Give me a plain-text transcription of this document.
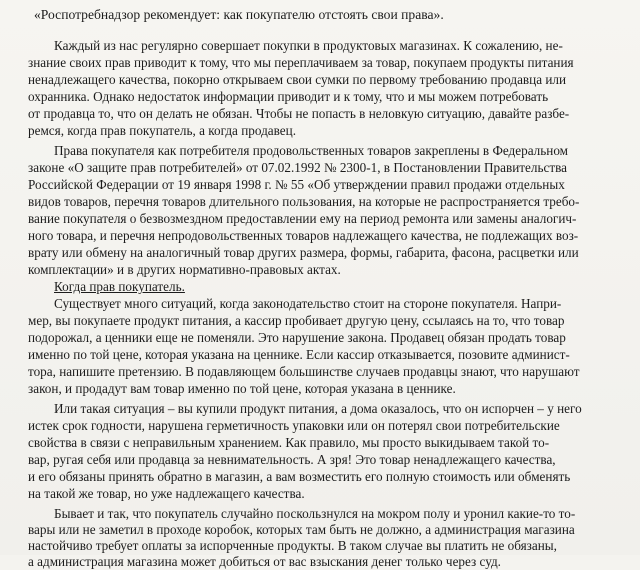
«Роспотребнадзор рекомендует: как покупателю отстоять свои права».
Каждый из нас регулярно совершает покупки в продуктовых магазинах. К сожалению, не-
знание своих прав приводит к тому, что мы переплачиваем за товар, покупаем продукты питания
ненадлежащего качества, покорно открываем свои сумки по первому требованию продавца или
охранника. Однако недостаток информации приводит и к тому, что и мы можем потребовать
от продавца то, что он делать не обязан. Чтобы не попасть в неловкую ситуацию, давайте разбе-
ремся, когда прав покупатель, а когда продавец.
Права покупателя как потребителя продовольственных товаров закреплены в Федеральном
законе «О защите прав потребителей» от 07.02.1992 № 2300-1, в Постановлении Правительства
Российской Федерации от 19 января 1998 г. № 55 «Об утверждении правил продажи отдельных
видов товаров, перечня товаров длительного пользования, на которые не распространяется требо-
вание покупателя о безвозмездном предоставлении ему на период ремонта или замены аналогич-
ного товара, и перечня непродовольственных товаров надлежащего качества, не подлежащих воз-
врату или обмену на аналогичный товар других размера, формы, габарита, фасона, расцветки или
комплектации» и в других нормативно-правовых актах.
Когда прав покупатель.
Существует много ситуаций, когда законодательство стоит на стороне покупателя. Напри-
мер, вы покупаете продукт питания, а кассир пробивает другую цену, ссылаясь на то, что товар
подорожал, а ценники еще не поменяли. Это нарушение закона. Продавец обязан продать товар
именно по той цене, которая указана на ценнике. Если кассир отказывается, позовите админист-
тора, напишите претензию. В подавляющем большинстве случаев продавцы знают, что нарушают
закон, и продадут вам товар именно по той цене, которая указана в ценнике.
Или такая ситуация – вы купили продукт питания, а дома оказалось, что он испорчен – у него
истек срок годности, нарушена герметичность упаковки или он потерял свои потребительские
свойства в связи с неправильным хранением. Как правило, мы просто выкидываем такой то-
вар, ругая себя или продавца за невнимательность. А зря! Это товар ненадлежащего качества,
и его обязаны принять обратно в магазин, а вам возместить его полную стоимость или обменять
на такой же товар, но уже надлежащего качества.
Бывает и так, что покупатель случайно поскользнулся на мокром полу и уронил какие-то то-
вары или не заметил в проходе коробок, которых там быть не должно, а администрация магазина
настойчиво требует оплаты за испорченные продукты. В таком случае вы платить не обязаны,
а администрация магазина может добиться от вас взыскания денег только через суд.
